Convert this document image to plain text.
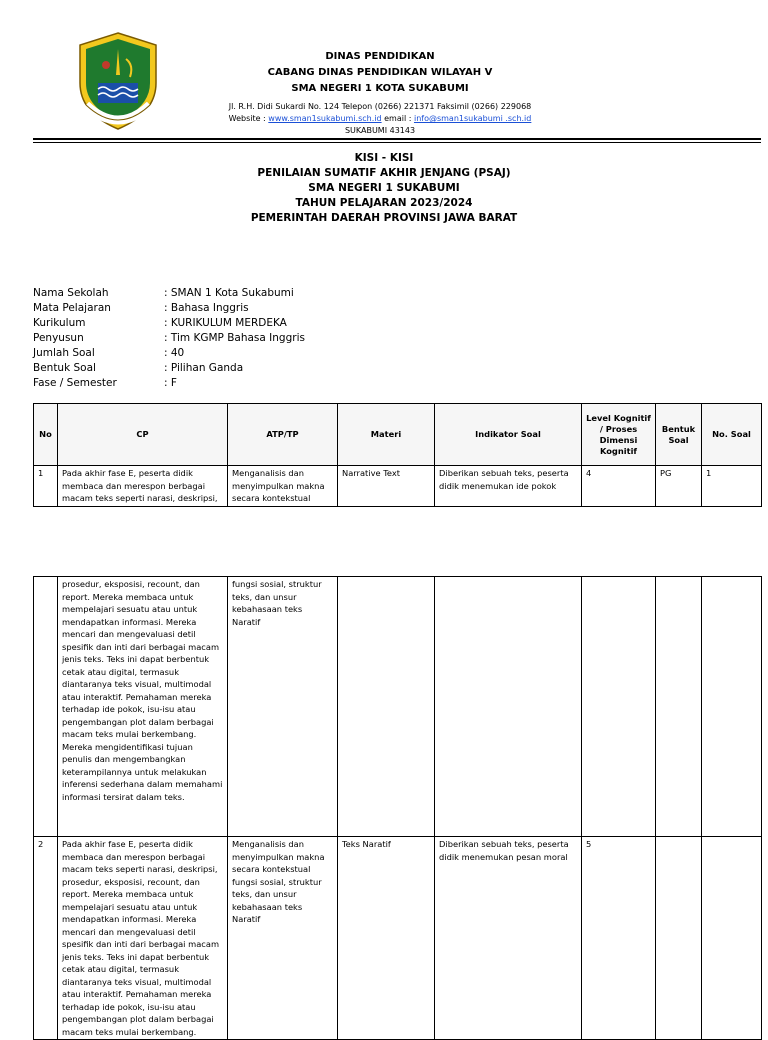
DINAS PENDIDIKAN
CABANG DINAS PENDIDIKAN WILAYAH V
SMA NEGERI 1 KOTA SUKABUMI
Jl. R.H. Didi Sukardi No. 124 Telepon (0266) 221371 Faksimil (0266) 229068
Website : www.sman1sukabumi.sch.id email : info@sman1sukabumi .sch.id
SUKABUMI 43143
KISI - KISI
PENILAIAN SUMATIF AKHIR JENJANG (PSAJ)
SMA NEGERI 1 SUKABUMI
TAHUN PELAJARAN 2023/2024
PEMERINTAH DAERAH PROVINSI JAWA BARAT
Nama Sekolah	: SMAN 1 Kota Sukabumi
Mata Pelajaran	: Bahasa Inggris
Kurikulum	: KURIKULUM MERDEKA
Penyusun	: Tim KGMP Bahasa Inggris
Jumlah Soal	: 40
Bentuk Soal	: Pilihan Ganda
Fase / Semester	: F
No	CP	ATP/TP	Materi	Indikator Soal	Level Kognitif / Proses Dimensi Kognitif	Bentuk Soal	No. Soal
1	Pada akhir fase E, peserta didik membaca dan merespon berbagai macam teks seperti narasi, deskripsi,	Menganalisis dan menyimpulkan makna secara kontekstual	Narrative Text	Diberikan sebuah teks, peserta didik menemukan ide pokok	4	PG	1
	prosedur, eksposisi, recount, dan report. Mereka membaca untuk mempelajari sesuatu atau untuk mendapatkan informasi. Mereka mencari dan mengevaluasi detil spesifik dan inti dari berbagai macam jenis teks. Teks ini dapat berbentuk cetak atau digital, termasuk diantaranya teks visual, multimodal atau interaktif. Pemahaman mereka terhadap ide pokok, isu-isu atau pengembangan plot dalam berbagai macam teks mulai berkembang. Mereka mengidentifikasi tujuan penulis dan mengembangkan keterampilannya untuk melakukan inferensi sederhana dalam memahami informasi tersirat dalam teks.	fungsi sosial, struktur teks, dan unsur kebahasaan teks Naratif					
2	Pada akhir fase E, peserta didik membaca dan merespon berbagai macam teks seperti narasi, deskripsi, prosedur, eksposisi, recount, dan report. Mereka membaca untuk mempelajari sesuatu atau untuk mendapatkan informasi. Mereka mencari dan mengevaluasi detil spesifik dan inti dari berbagai macam jenis teks. Teks ini dapat berbentuk cetak atau digital, termasuk diantaranya teks visual, multimodal atau interaktif. Pemahaman mereka terhadap ide pokok, isu-isu atau pengembangan plot dalam berbagai macam teks mulai berkembang.	Menganalisis dan menyimpulkan makna secara kontekstual fungsi sosial, struktur teks, dan unsur kebahasaan teks Naratif	Teks Naratif	Diberikan sebuah teks, peserta didik menemukan pesan moral	5		
